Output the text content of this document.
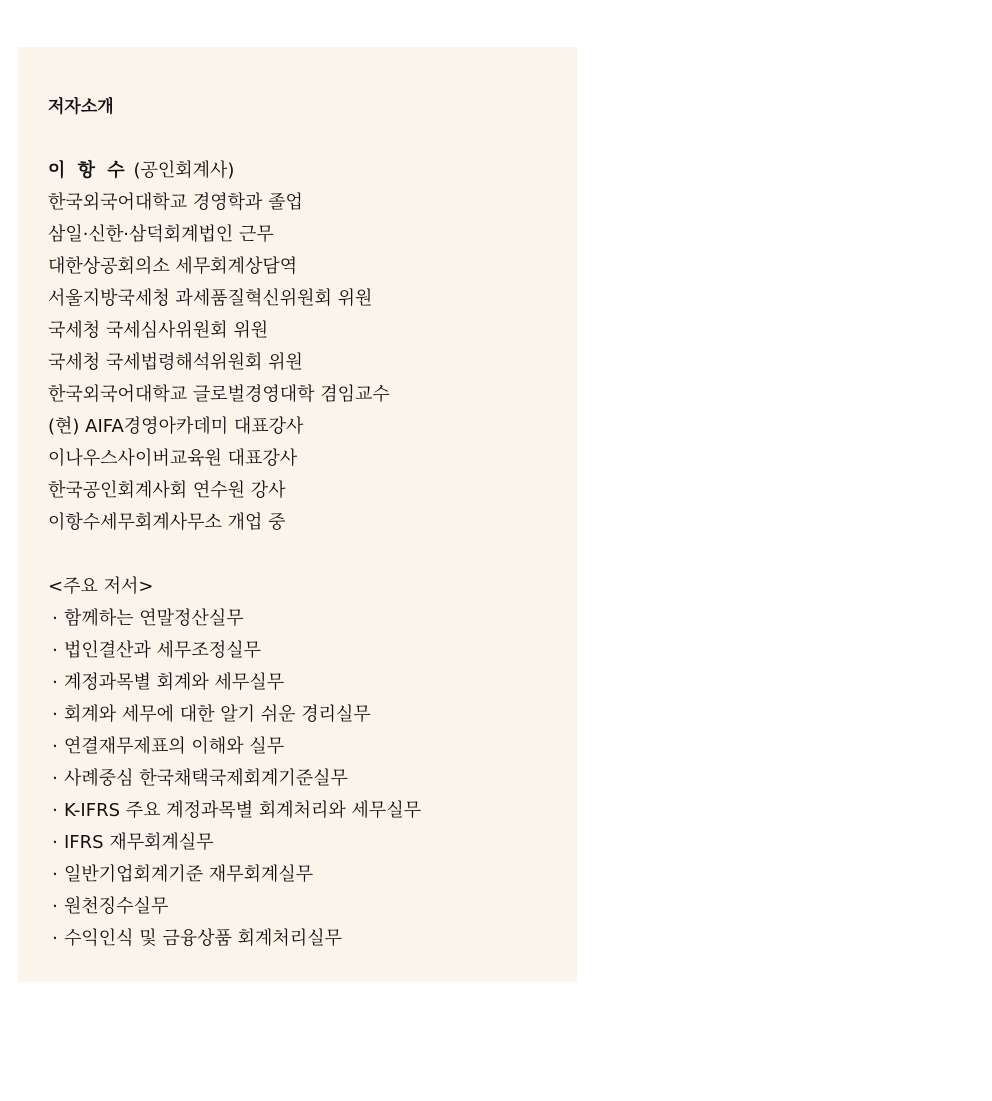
저자소개
이 항 수 (공인회계사)
한국외국어대학교 경영학과 졸업
삼일·신한·삼덕회계법인 근무
대한상공회의소 세무회계상담역
서울지방국세청 과세품질혁신위원회 위원
국세청 국세심사위원회 위원
국세청 국세법령해석위원회 위원
한국외국어대학교 글로벌경영대학 겸임교수
(현) AIFA경영아카데미 대표강사
이나우스사이버교육원 대표강사
한국공인회계사회 연수원 강사
이항수세무회계사무소 개업 중
<주요 저서>
· 함께하는 연말정산실무
· 법인결산과 세무조정실무
· 계정과목별 회계와 세무실무
· 회계와 세무에 대한 알기 쉬운 경리실무
· 연결재무제표의 이해와 실무
· 사례중심 한국채택국제회계기준실무
· K-IFRS 주요 계정과목별 회계처리와 세무실무
· IFRS 재무회계실무
· 일반기업회계기준 재무회계실무
· 원천징수실무
· 수익인식 및 금융상품 회계처리실무
